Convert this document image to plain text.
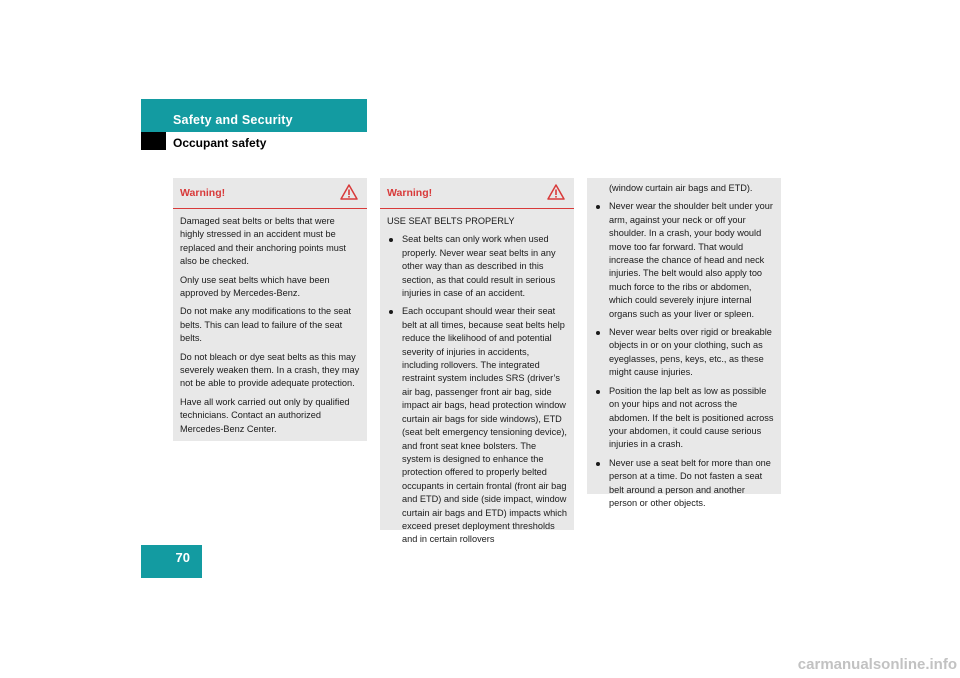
Safety and Security
Occupant safety
Warning!

Damaged seat belts or belts that were highly stressed in an accident must be replaced and their anchoring points must also be checked.

Only use seat belts which have been approved by Mercedes-Benz.

Do not make any modifications to the seat belts. This can lead to failure of the seat belts.

Do not bleach or dye seat belts as this may severely weaken them. In a crash, they may not be able to provide adequate protection.

Have all work carried out only by qualified technicians. Contact an authorized Mercedes-Benz Center.

Warning!

USE SEAT BELTS PROPERLY

Seat belts can only work when used properly. Never wear seat belts in any other way than as described in this section, as that could result in serious injuries in case of an accident.
Each occupant should wear their seat belt at all times, because seat belts help reduce the likelihood of and potential severity of injuries in accidents, including rollovers. The integrated restraint system includes SRS (driver’s air bag, passenger front air bag, side impact air bags, head protection window curtain air bags for side windows), ETD (seat belt emergency tensioning device), and front seat knee bolsters. The system is designed to enhance the protection offered to properly belted occupants in certain frontal (front air bag and ETD) and side (side impact, window curtain air bags and ETD) impacts which exceed preset deployment thresholds and in certain rollovers

(window curtain air bags and ETD).

Never wear the shoulder belt under your arm, against your neck or off your shoulder. In a crash, your body would move too far forward. That would increase the chance of head and neck injuries. The belt would also apply too much force to the ribs or abdomen, which could severely injure internal organs such as your liver or spleen.
Never wear belts over rigid or breakable objects in or on your clothing, such as eyeglasses, pens, keys, etc., as these might cause injuries.
Position the lap belt as low as possible on your hips and not across the abdomen. If the belt is positioned across your abdomen, it could cause serious injuries in a crash.
Never use a seat belt for more than one person at a time. Do not fasten a seat belt around a person and another person or other objects.
70
carmanualsonline.info
